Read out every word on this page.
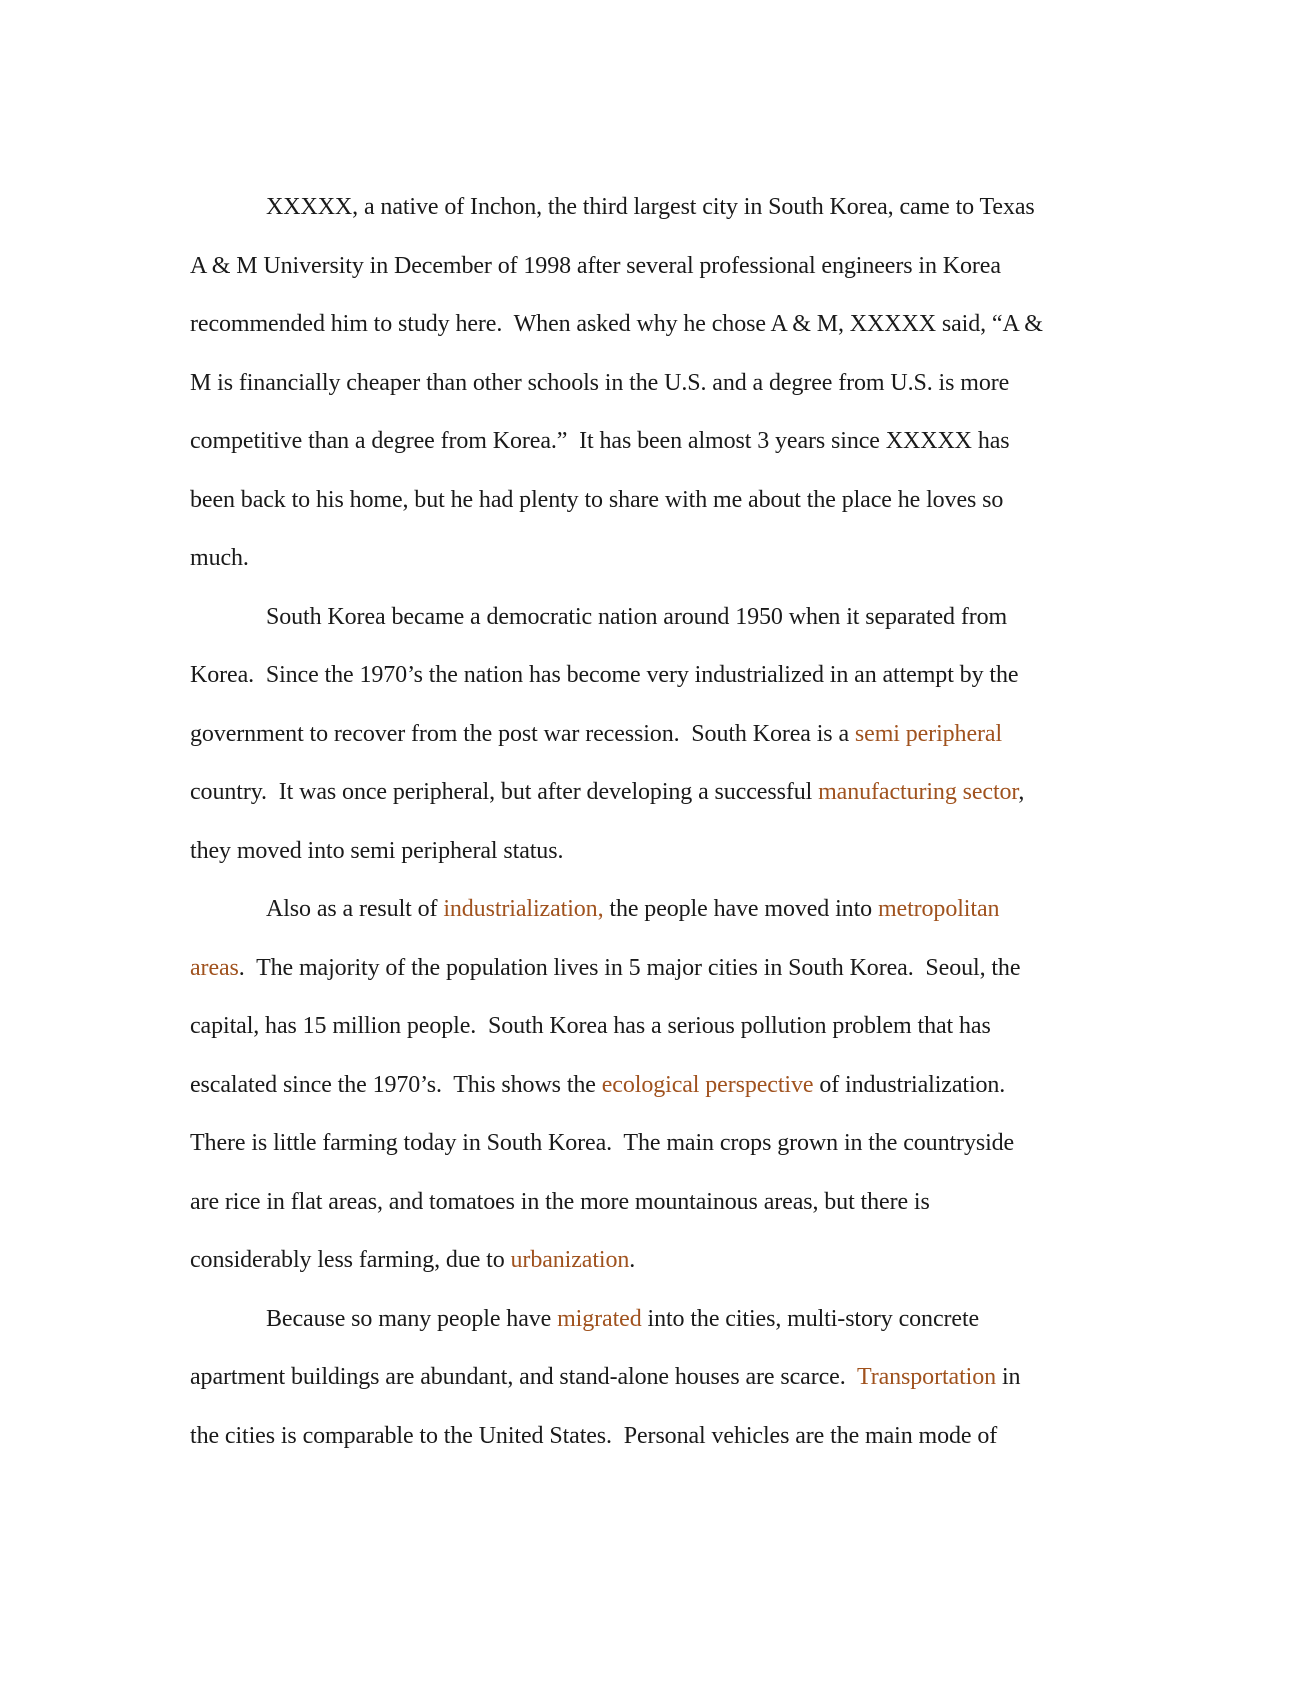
XXXXX, a native of Inchon, the third largest city in South Korea, came to Texas
A & M University in December of 1998 after several professional engineers in Korea
recommended him to study here.  When asked why he chose A & M, XXXXX said, “A &
M is financially cheaper than other schools in the U.S. and a degree from U.S. is more
competitive than a degree from Korea.”  It has been almost 3 years since XXXXX has
been back to his home, but he had plenty to share with me about the place he loves so
much.
South Korea became a democratic nation around 1950 when it separated from
Korea.  Since the 1970’s the nation has become very industrialized in an attempt by the
government to recover from the post war recession.  South Korea is a semi peripheral
country.  It was once peripheral, but after developing a successful manufacturing sector,
they moved into semi peripheral status.
Also as a result of industrialization, the people have moved into metropolitan
areas.  The majority of the population lives in 5 major cities in South Korea.  Seoul, the
capital, has 15 million people.  South Korea has a serious pollution problem that has
escalated since the 1970’s.  This shows the ecological perspective of industrialization.
There is little farming today in South Korea.  The main crops grown in the countryside
are rice in flat areas, and tomatoes in the more mountainous areas, but there is
considerably less farming, due to urbanization.
Because so many people have migrated into the cities, multi-story concrete
apartment buildings are abundant, and stand-alone houses are scarce.  Transportation in
the cities is comparable to the United States.  Personal vehicles are the main mode of
